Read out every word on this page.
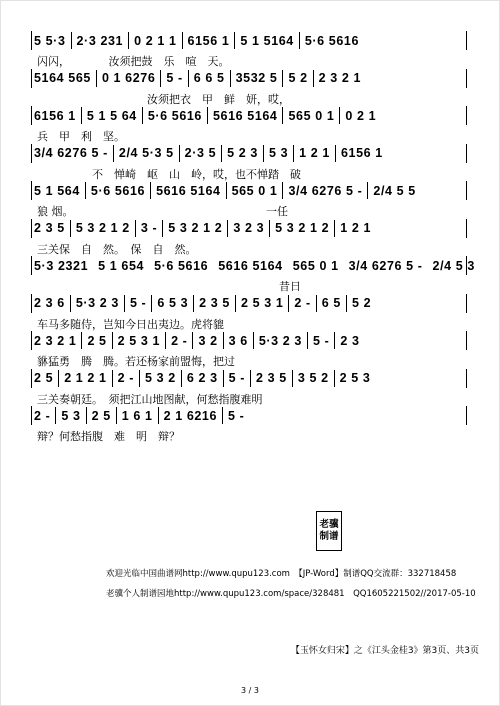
5 5·3 2·3 231 0 2 1 1 6156 1 5 1 5164 5·6 5616
闪闪，　　　　汝须把鼓　乐　喧　天。
5164 565 0 1 6276 5 - 6 6 5 3532 5 5 2 2 3 2 1
　　　　　　　　　　汝须把衣　甲　鲜　妍，哎，
6156 1 5 1 5 64 5·6 5616 5616 5164 565 0 1 0 2 1
兵　甲　利　坚。
3/4 6276 5 - 2/4 5·3 5 2·3 5 5 2 3 5 3 1 2 1 6156 1
　　　　　不　惮崎　岖　山　岭，哎，也不惮踏　破
5 1 564 5·6 5616 5616 5164 565 0 1 3/4 6276 5 - 2/4 5 5
狼 烟。　　　　　　　　　　　　　　　　　　一任
2 3 5 5 3 2 1 2 3 - 5 3 2 1 2 3 2 3 5 3 2 1 2 1 2 1
三关保　自　然。　保　自　然。
5·3 2321 5 1 654 5·6 5616 5616 5164 565 0 1 3/4 6276 5 - 2/4 5 3
　　　　　　　　　　　　　　　　　　　　　　昔日
2 3 6 5·3 2 3 5 - 6 5 3 2 3 5 2 5 3 1 2 - 6 5 5 2
车马多随侍，岂知今日出夷边。虎将貔
2 3 2 1 2 5 2 5 3 1 2 - 3 2 3 6 5·3 2 3 5 - 2 3
貅猛勇　腾　腾。若还杨家前盟悔，把过
2 5 2 1 2 1 2 - 5 3 2 6 2 3 5 - 2 3 5 3 5 2 2 5 3
三关奏朝廷。　须把江山地图献，何愁指腹难明
2 - 5 3 2 5 1 6 1 2 1 6216 5 -
辩？何愁指腹　难　明　辩？
老骥
制谱
欢迎光临中国曲谱网http://www.qupu123.com　【JP-Word】制谱QQ交流群：332718458
老骥个人制谱园地http://www.qupu123.com/space/328481　QQ1605221502//2017-05-10
【玉怀女归宋】之《江头金桂3》第3页、共3页
3 / 3
